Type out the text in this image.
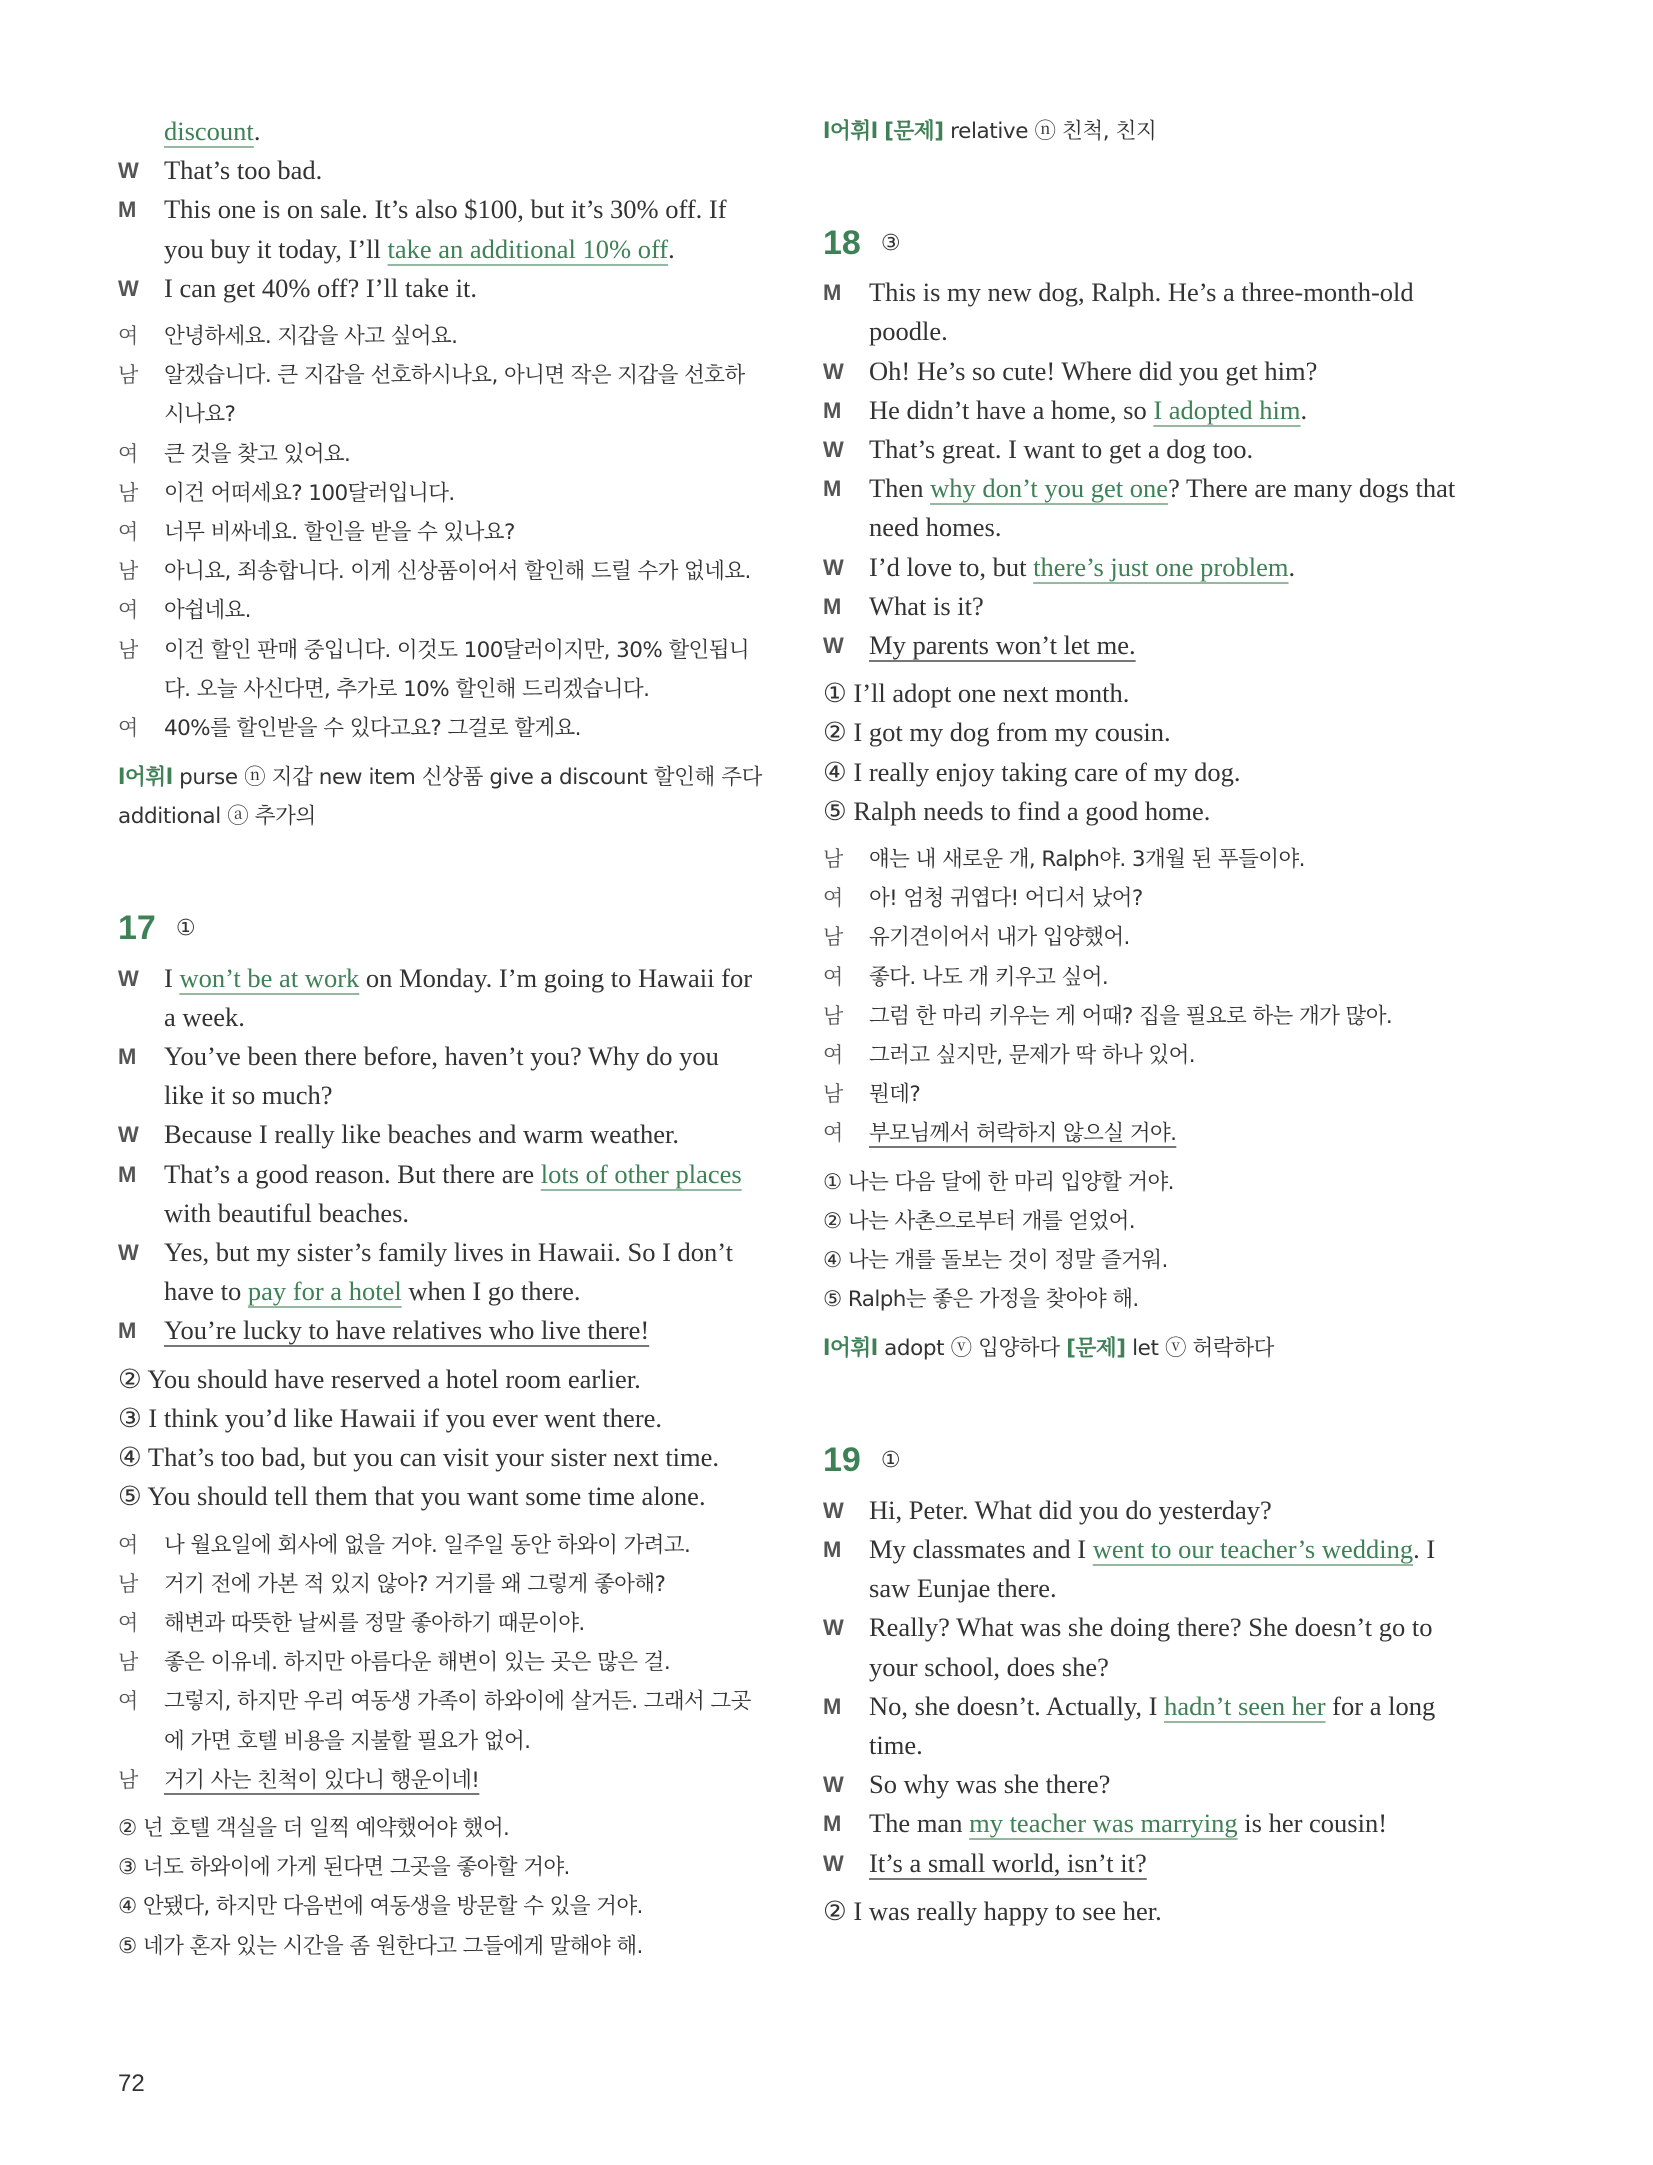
discount.
W That’s too bad.
M	This one is on sale. It’s also $100, but it’s 30% off. If you buy it today, I’ll take an additional 10% off.
W I can get 40% off? I’ll take it.
여	안녕하세요. 지갑을 사고 싶어요.
남	알겠습니다. 큰 지갑을 선호하시나요, 아니면 작은 지갑을 선호하시나요?
여	큰 것을 찾고 있어요.
남	이건 어떠세요? 100달러입니다.
여	너무 비싸네요. 할인을 받을 수 있나요?
남	아니요, 죄송합니다. 이게 신상품이어서 할인해 드릴 수가 없네요.
여	아쉽네요.
남	이건 할인 판매 중입니다. 이것도 100달러이지만, 30% 할인됩니다. 오늘 사신다면, 추가로 10% 할인해 드리겠습니다.
여	40%를 할인받을 수 있다고요? 그걸로 할게요.
l어휘l purse ⓝ 지갑 new item 신상품 give a discount 할인해 주다 additional ⓐ 추가의
17 ①
W I won’t be at work on Monday. I’m going to Hawaii for a week.
M	You’ve been there before, haven’t you? Why do you like it so much?
W Because I really like beaches and warm weather.
M	That’s a good reason. But there are lots of other places with beautiful beaches.
W Yes, but my sister’s family lives in Hawaii. So I don’t have to pay for a hotel when I go there.
M	You’re lucky to have relatives who live there!
② You should have reserved a hotel room earlier.
③ I think you’d like Hawaii if you ever went there.
④ That’s too bad, but you can visit your sister next time.
⑤ You should tell them that you want some time alone.
여	나 월요일에 회사에 없을 거야. 일주일 동안 하와이 가려고.
남	거기 전에 가본 적 있지 않아? 거기를 왜 그렇게 좋아해?
여	해변과 따뜻한 날씨를 정말 좋아하기 때문이야.
남	좋은 이유네. 하지만 아름다운 해변이 있는 곳은 많은 걸.
여	그렇지, 하지만 우리 여동생 가족이 하와이에 살거든. 그래서 그곳에 가면 호텔 비용을 지불할 필요가 없어.
남	거기 사는 친척이 있다니 행운이네!
② 넌 호텔 객실을 더 일찍 예약했어야 했어.
③ 너도 하와이에 가게 된다면 그곳을 좋아할 거야.
④ 안됐다, 하지만 다음번에 여동생을 방문할 수 있을 거야.
⑤ 네가 혼자 있는 시간을 좀 원한다고 그들에게 말해야 해.
l어휘l [문제] relative ⓝ 친척, 친지
18 ③
M	This is my new dog, Ralph. He’s a three-month-old poodle.
W Oh! He’s so cute! Where did you get him?
M	He didn’t have a home, so I adopted him.
W That’s great. I want to get a dog too.
M	Then why don’t you get one? There are many dogs that need homes.
W I’d love to, but there’s just one problem.
M	What is it?
W My parents won’t let me.
① I’ll adopt one next month.
② I got my dog from my cousin.
④ I really enjoy taking care of my dog.
⑤ Ralph needs to find a good home.
남	얘는 내 새로운 개, Ralph야. 3개월 된 푸들이야.
여	아! 엄청 귀엽다! 어디서 났어?
남	유기견이어서 내가 입양했어.
여	좋다. 나도 개 키우고 싶어.
남	그럼 한 마리 키우는 게 어때? 집을 필요로 하는 개가 많아.
여	그러고 싶지만, 문제가 딱 하나 있어.
남	뭔데?
여	부모님께서 허락하지 않으실 거야.
① 나는 다음 달에 한 마리 입양할 거야.
② 나는 사촌으로부터 개를 얻었어.
④ 나는 개를 돌보는 것이 정말 즐거워.
⑤ Ralph는 좋은 가정을 찾아야 해.
l어휘l adopt ⓥ 입양하다 [문제] let ⓥ 허락하다
19 ①
W Hi, Peter. What did you do yesterday?
M	My classmates and I went to our teacher’s wedding. I saw Eunjae there.
W Really? What was she doing there? She doesn’t go to your school, does she?
M	No, she doesn’t. Actually, I hadn’t seen her for a long time.
W So why was she there?
M	The man my teacher was marrying is her cousin!
W It’s a small world, isn’t it?
② I was really happy to see her.
72
